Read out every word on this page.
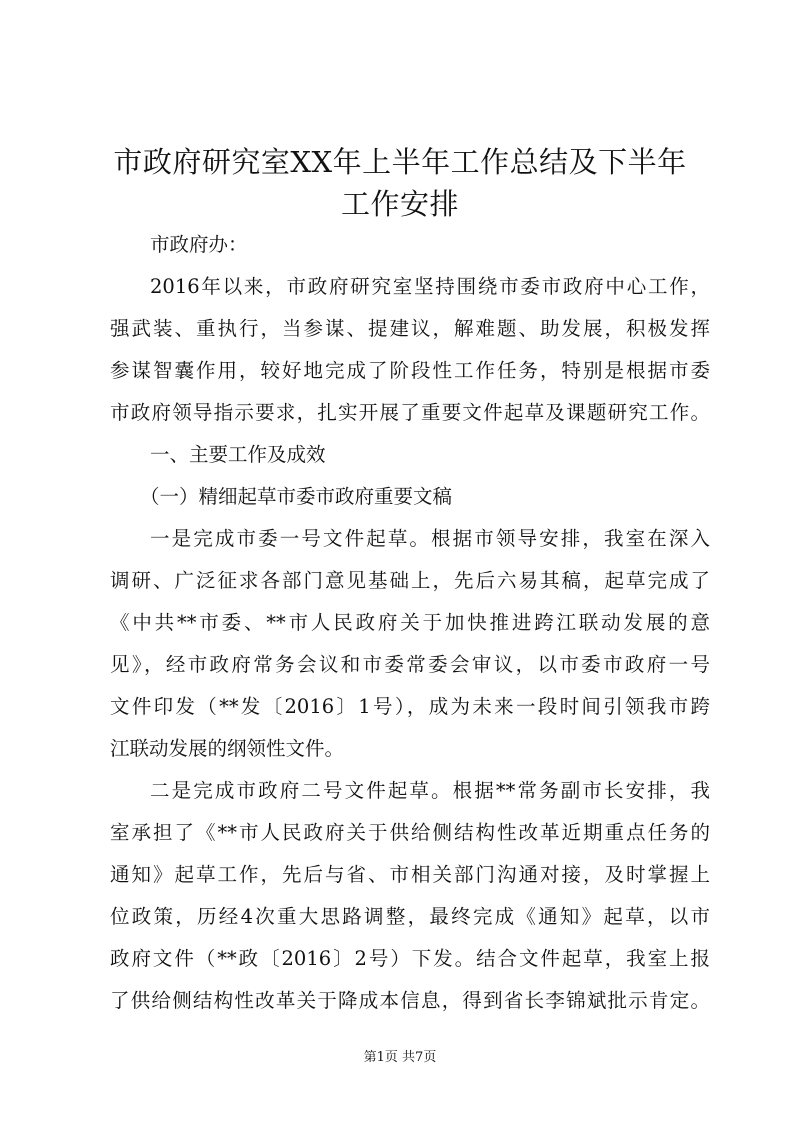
市政府研究室XX年上半年工作总结及下半年
工作安排
市政府办：
2016年以来，市政府研究室坚持围绕市委市政府中心工作，
强武装、重执行，当参谋、提建议，解难题、助发展，积极发挥
参谋智囊作用，较好地完成了阶段性工作任务，特别是根据市委
市政府领导指示要求，扎实开展了重要文件起草及课题研究工作。
一、主要工作及成效
（一）精细起草市委市政府重要文稿
一是完成市委一号文件起草。根据市领导安排，我室在深入
调研、广泛征求各部门意见基础上，先后六易其稿，起草完成了
《中共**市委、**市人民政府关于加快推进跨江联动发展的意
见》，经市政府常务会议和市委常委会审议，以市委市政府一号
文件印发（**发〔2016〕1号），成为未来一段时间引领我市跨
江联动发展的纲领性文件。
二是完成市政府二号文件起草。根据**常务副市长安排，我
室承担了《**市人民政府关于供给侧结构性改革近期重点任务的
通知》起草工作，先后与省、市相关部门沟通对接，及时掌握上
位政策，历经4次重大思路调整，最终完成《通知》起草，以市
政府文件（**政〔2016〕2号）下发。结合文件起草，我室上报
了供给侧结构性改革关于降成本信息，得到省长李锦斌批示肯定。
第1页 共7页
